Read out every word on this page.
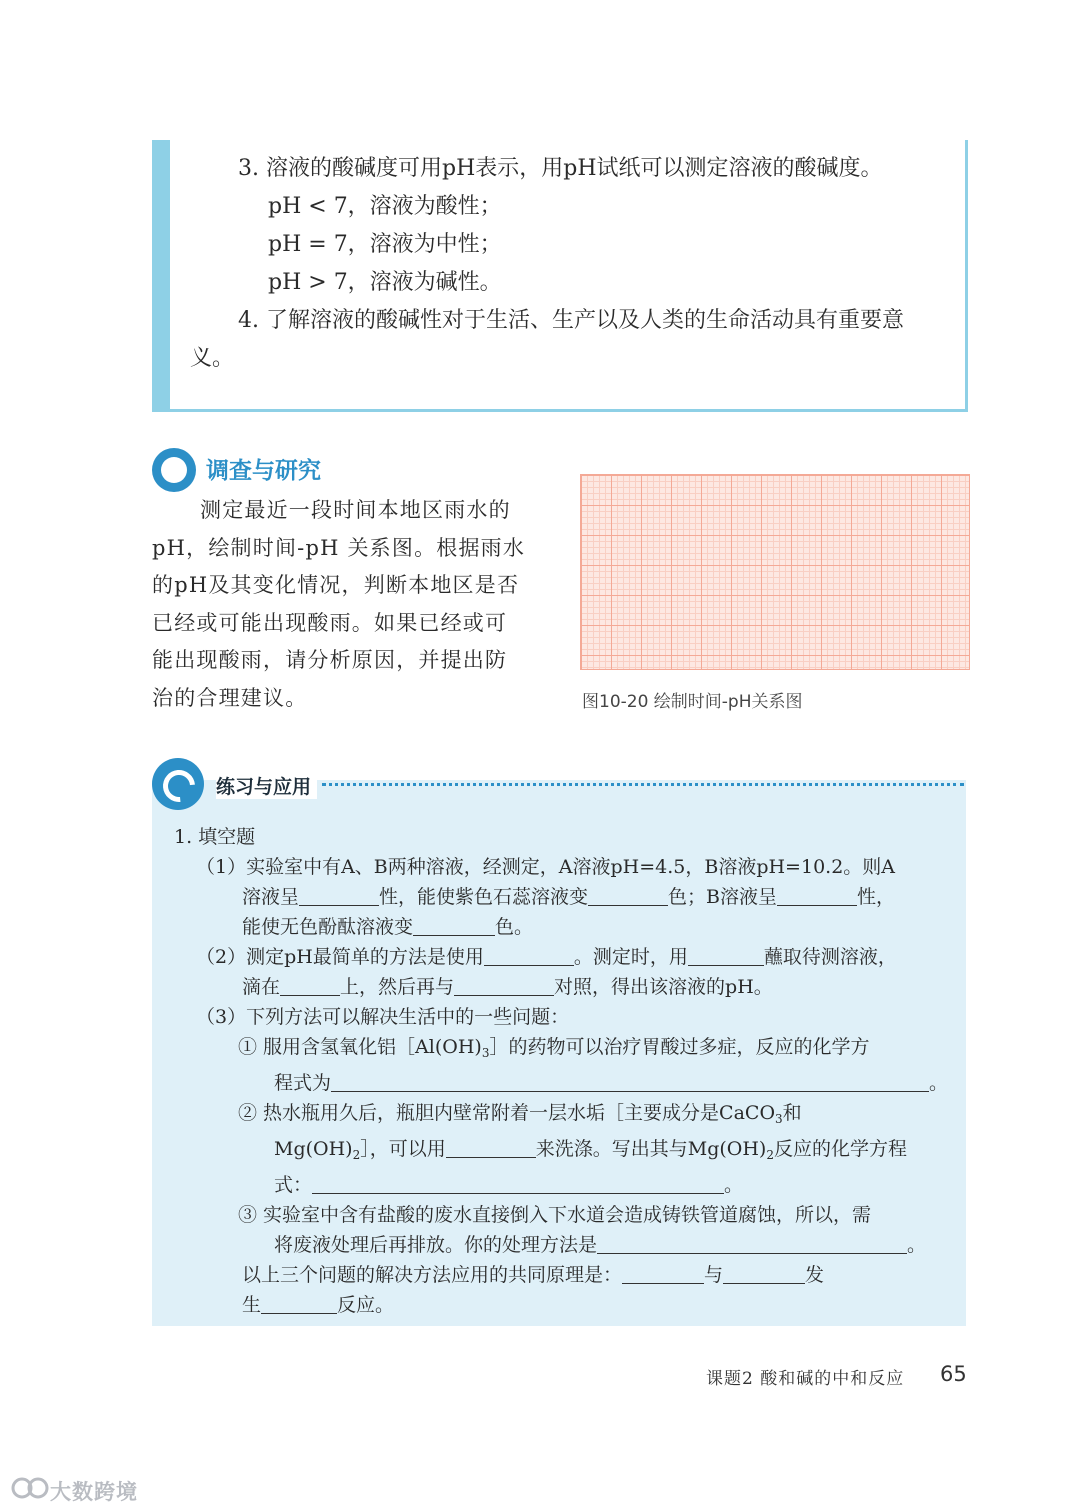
3. 溶液的酸碱度可用pH表示，用pH试纸可以测定溶液的酸碱度。
pH < 7，溶液为酸性；
pH = 7，溶液为中性；
pH > 7，溶液为碱性。
4. 了解溶液的酸碱性对于生活、生产以及人类的生命活动具有重要意
义。
调查与研究
测定最近一段时间本地区雨水的
pH，绘制时间-pH 关系图。根据雨水
的pH及其变化情况，判断本地区是否
已经或可能出现酸雨。如果已经或可
能出现酸雨，请分析原因，并提出防
治的合理建议。	图10-20 绘制时间-pH关系图
练习与应用
1. 填空题
（1）实验室中有A、B两种溶液，经测定，A溶液pH=4.5，B溶液pH=10.2。则A
溶液呈	性，能使紫色石蕊溶液变	色；B溶液呈	性，
能使无色酚酞溶液变	色。
（2）测定pH最简单的方法是使用	。测定时，用	蘸取待测溶液，
滴在	上，然后再与	对照，得出该溶液的pH。
（3）下列方法可以解决生活中的一些问题：
① 服用含氢氧化铝$[Al(OH)_3]$的药物可以治疗胃酸过多症，反应的化学方
程式为	。
② 热水瓶用久后，瓶胆内壁常附着一层水垢［主要成分是CaCO$_3$和
$Mg(OH)_2]$，可以用	来洗涤。写出其与$Mg(OH)_2$反应的化学方程
式：	。
③ 实验室中含有盐酸的废水直接倒入下水道会造成铸铁管道腐蚀，所以，需
将废液处理后再排放。你的处理方法是	。
以上三个问题的解决方法应用的共同原理是：	与	发
生	反应。
课题2 酸和碱的中和反应 65
大数跨境
